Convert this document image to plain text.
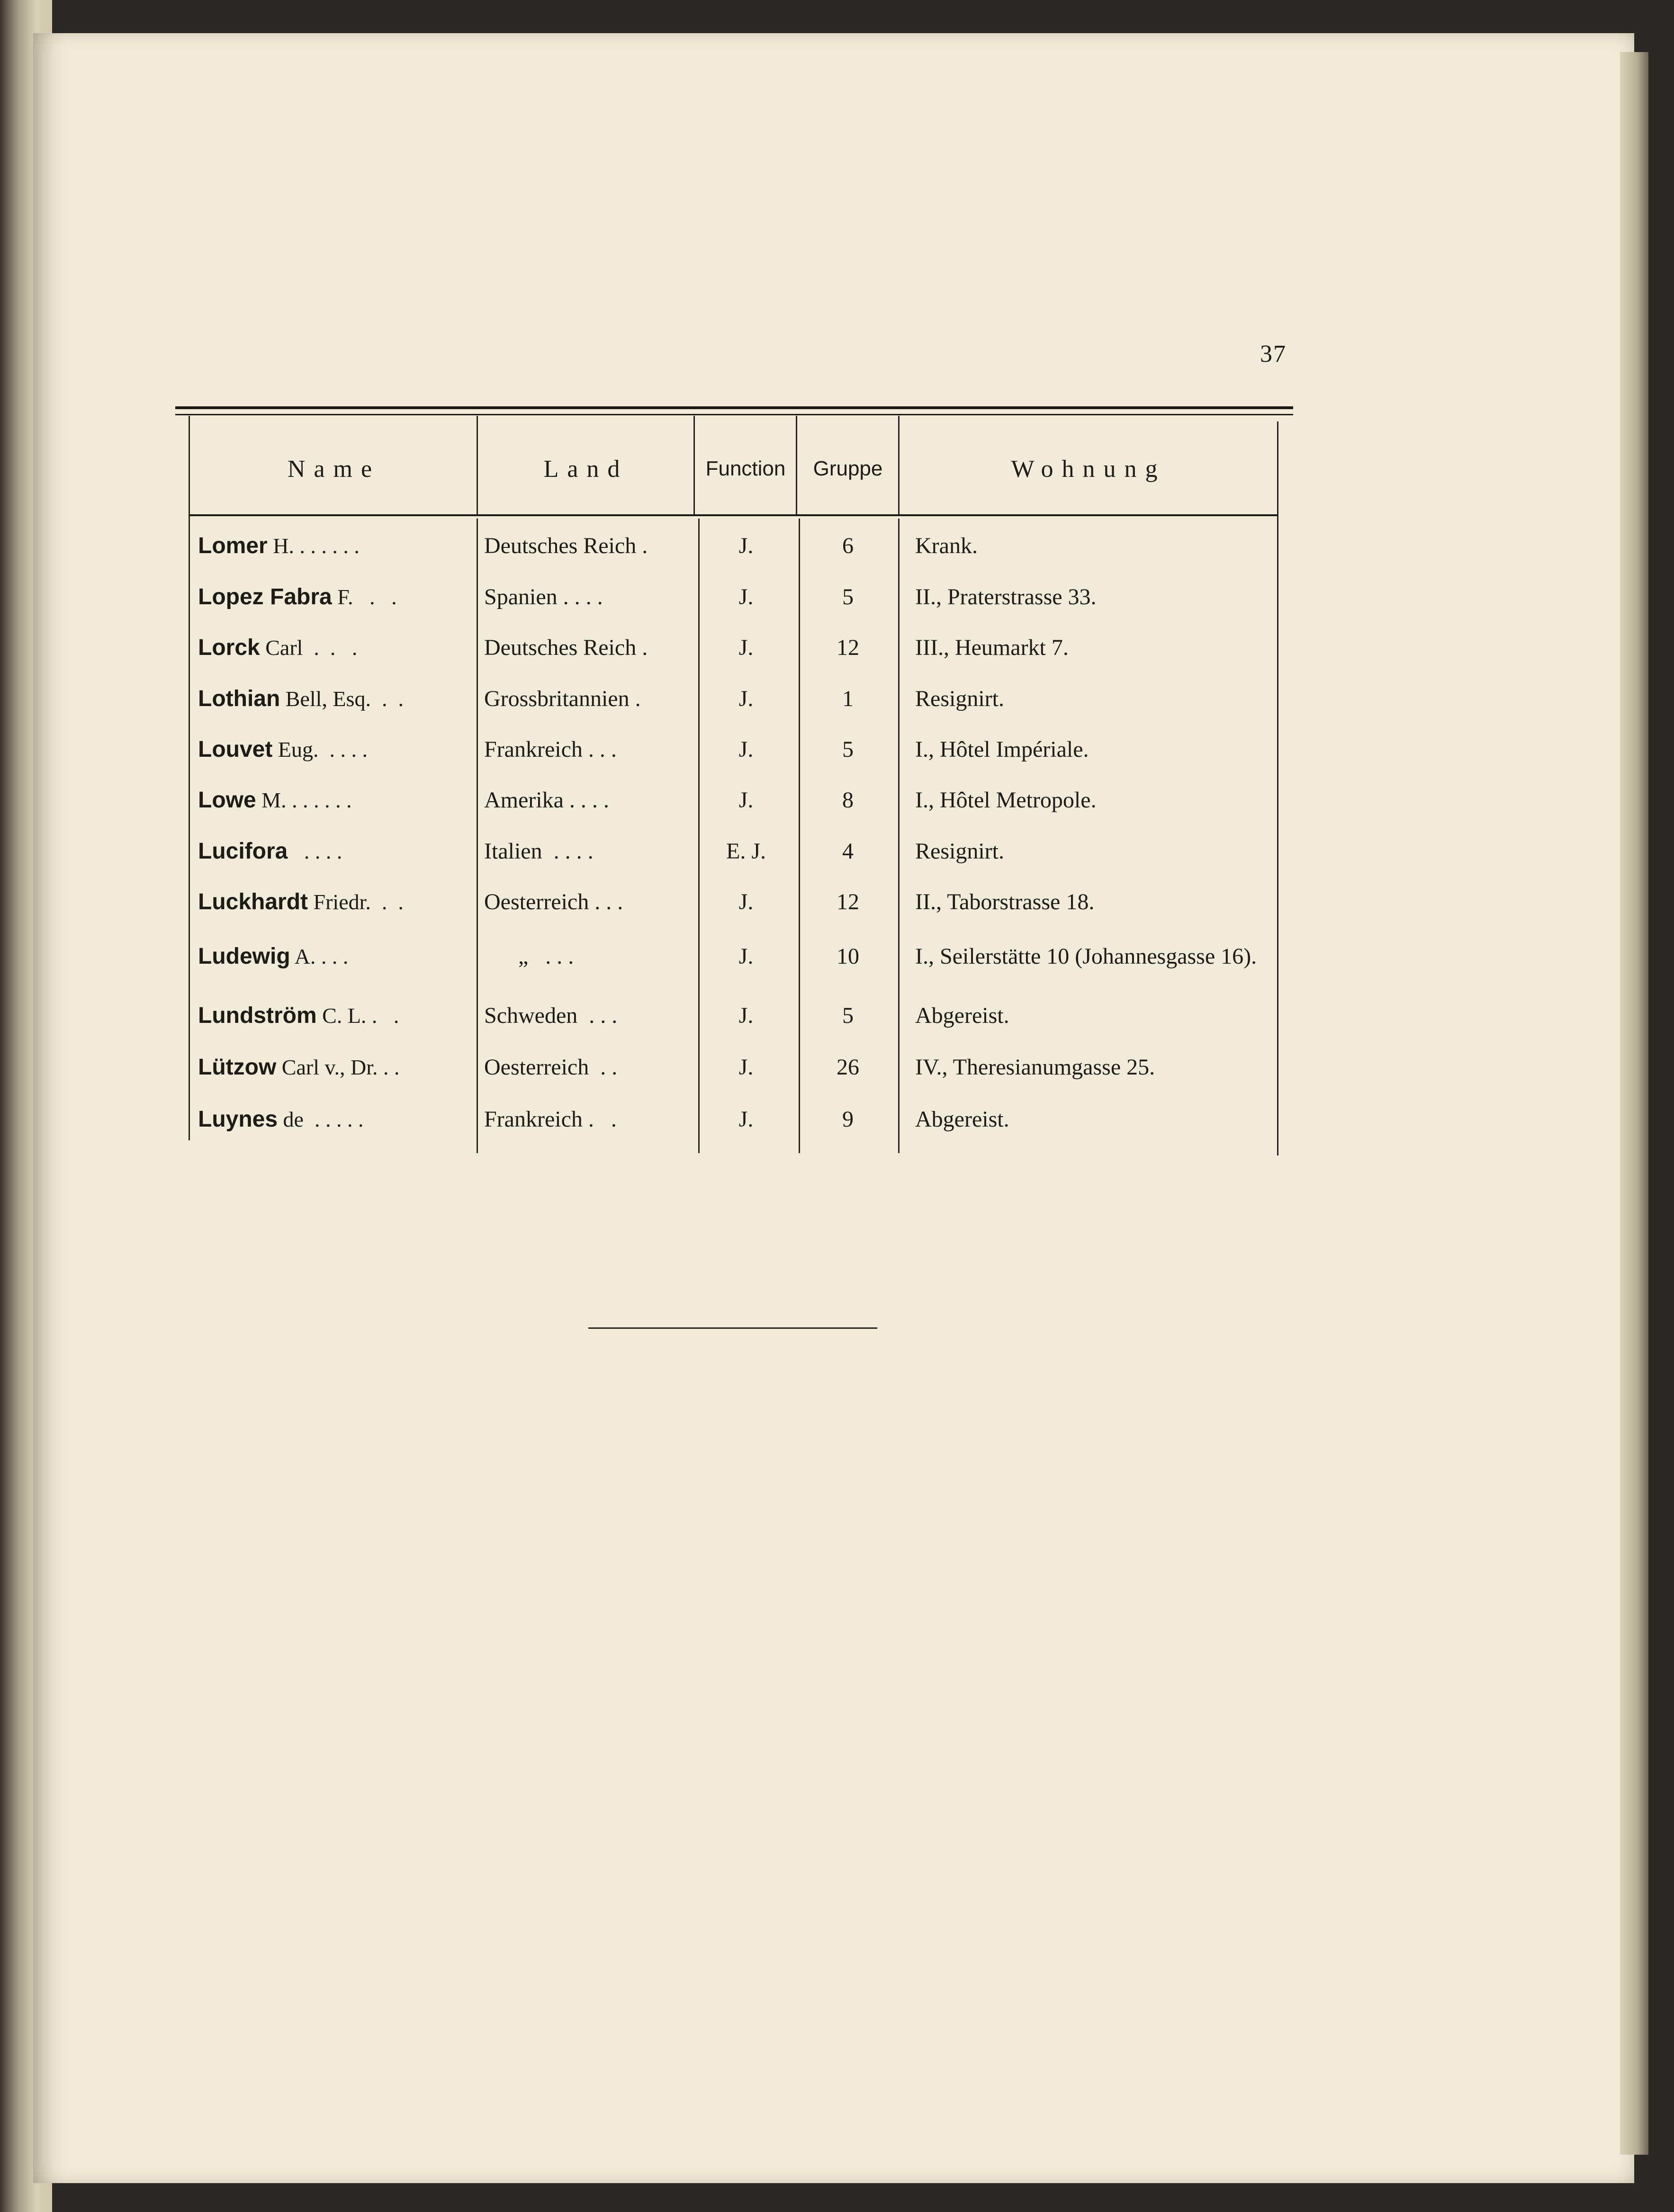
37
Name	Land	Function	Gruppe	Wohnung
Lomer H. . . . . . .	Deutsches Reich .	J.	6	Krank.
Lopez Fabra F.   .   .	Spanien . . . .	J.	5	II., Praterstrasse 33.
Lorck Carl  .  .   .	Deutsches Reich .	J.	12	III., Heumarkt 7.
Lothian Bell, Esq.  .  .	Grossbritannien .	J.	1	Resignirt.
Louvet Eug.  . . . .	Frankreich . . .	J.	5	I., Hôtel Impériale.
Lowe M. . . . . . .	Amerika . . . .	J.	8	I., Hôtel Metropole.
Lucifora   . . . .	Italien  . . . .	E. J.	4	Resignirt.
Luckhardt Friedr.  .  .	Oesterreich . . .	J.	12	II., Taborstrasse 18.
Ludewig A. . . .	„   . . .	J.	10	I., Seilerstätte 10 (Johannesgasse 16).
Lundström C. L. .   .	Schweden  . . .	J.	5	Abgereist.
Lützow Carl v., Dr. . .	Oesterreich  . .	J.	26	IV., Theresianumgasse 25.
Luynes de  . . . . .	Frankreich .   .	J.	9	Abgereist.
